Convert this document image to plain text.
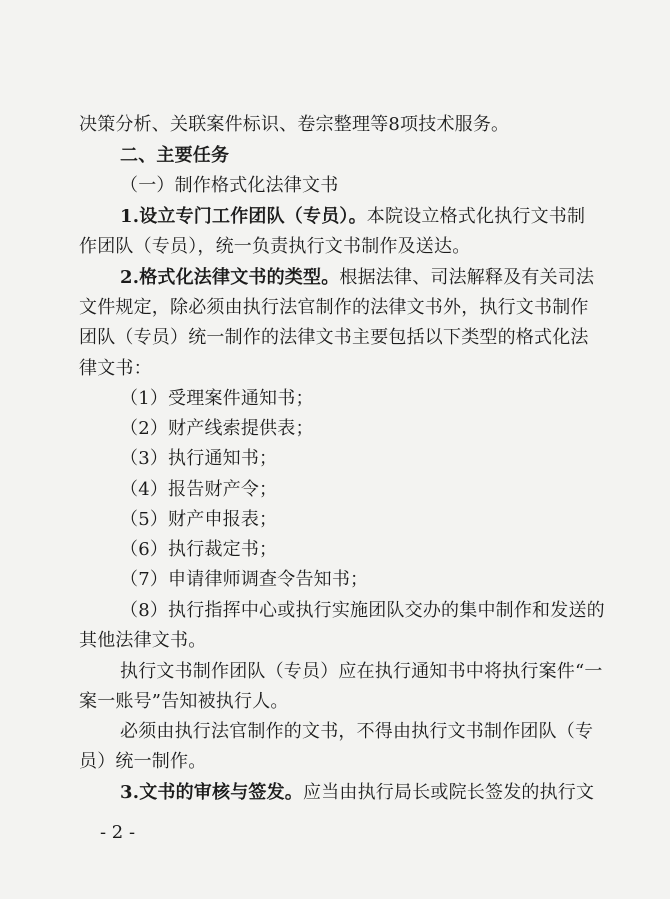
决策分析、关联案件标识、卷宗整理等8项技术服务。
二、主要任务
（一）制作格式化法律文书
1.设立专门工作团队（专员）。本院设立格式化执行文书制
作团队（专员），统一负责执行文书制作及送达。
2.格式化法律文书的类型。根据法律、司法解释及有关司法
文件规定，除必须由执行法官制作的法律文书外，执行文书制作
团队（专员）统一制作的法律文书主要包括以下类型的格式化法
律文书：
（1）受理案件通知书；
（2）财产线索提供表；
（3）执行通知书；
（4）报告财产令；
（5）财产申报表；
（6）执行裁定书；
（7）申请律师调查令告知书；
（8）执行指挥中心或执行实施团队交办的集中制作和发送的
其他法律文书。
执行文书制作团队（专员）应在执行通知书中将执行案件“一
案一账号”告知被执行人。
必须由执行法官制作的文书，不得由执行文书制作团队（专
员）统一制作。
3.文书的审核与签发。应当由执行局长或院长签发的执行文
- 2 -
